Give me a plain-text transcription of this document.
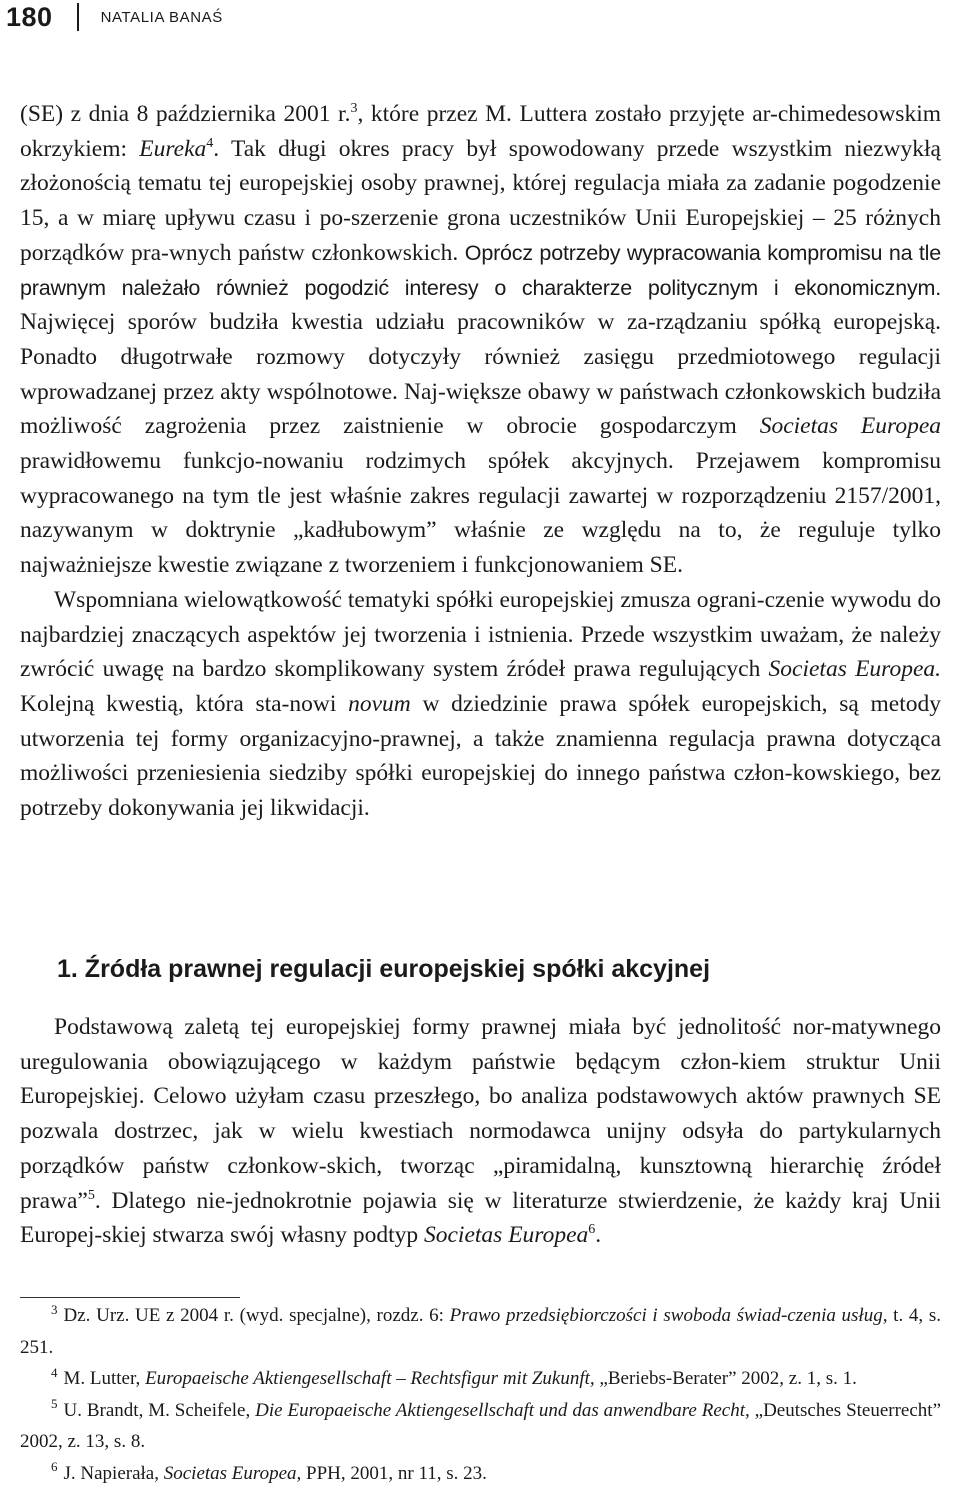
180	NATALIA BANAŚ

(SE) z dnia 8 października 2001 r.$^3$, które przez M. Luttera zostało przyjęte ar-chimedesowskim okrzykiem: Eureka$^4$. Tak długi okres pracy był spowodowany przede wszystkim niezwykłą złożonością tematu tej europejskiej osoby prawnej, której regulacja miała za zadanie pogodzenie 15, a w miarę upływu czasu i po-szerzenie grona uczestników Unii Europejskiej – 25 różnych porządków pra-wnych państw członkowskich. Oprócz potrzeby wypracowania kompromisu na tle prawnym należało również pogodzić interesy o charakterze politycznym i ekonomicznym. Najwięcej sporów budziła kwestia udziału pracowników w za-rządzaniu spółką europejską. Ponadto długotrwałe rozmowy dotyczyły również zasięgu przedmiotowego regulacji wprowadzanej przez akty wspólnotowe. Naj-większe obawy w państwach członkowskich budziła możliwość zagrożenia przez zaistnienie w obrocie gospodarczym Societas Europea prawidłowemu funkcjo-nowaniu rodzimych spółek akcyjnych. Przejawem kompromisu wypracowanego na tym tle jest właśnie zakres regulacji zawartej w rozporządzeniu 2157/2001, nazywanym w doktrynie „kadłubowym” właśnie ze względu na to, że reguluje tylko najważniejsze kwestie związane z tworzeniem i funkcjonowaniem SE.

Wspomniana wielowątkowość tematyki spółki europejskiej zmusza ograni-czenie wywodu do najbardziej znaczących aspektów jej tworzenia i istnienia. Przede wszystkim uważam, że należy zwrócić uwagę na bardzo skomplikowany system źródeł prawa regulujących Societas Europea. Kolejną kwestią, która sta-nowi novum w dziedzinie prawa spółek europejskich, są metody utworzenia tej formy organizacyjno-prawnej, a także znamienna regulacja prawna dotycząca możliwości przeniesienia siedziby spółki europejskiej do innego państwa człon-kowskiego, bez potrzeby dokonywania jej likwidacji.

1. Źródła prawnej regulacji europejskiej spółki akcyjnej

Podstawową zaletą tej europejskiej formy prawnej miała być jednolitość nor-matywnego uregulowania obowiązującego w każdym państwie będącym człon-kiem struktur Unii Europejskiej. Celowo użyłam czasu przeszłego, bo analiza podstawowych aktów prawnych SE pozwala dostrzec, jak w wielu kwestiach normodawca unijny odsyła do partykularnych porządków państw członkow-skich, tworząc „piramidalną, kunsztowną hierarchię źródeł prawa”$^5$. Dlatego nie-jednokrotnie pojawia się w literaturze stwierdzenie, że każdy kraj Unii Europej-skiej stwarza swój własny podtyp Societas Europea$^6$.

$^3$ Dz. Urz. UE z 2004 r. (wyd. specjalne), rozdz. 6: Prawo przedsiębiorczości i swoboda świad-czenia usług, t. 4, s. 251.

$^4$ M. Lutter, Europaeische Aktiengesellschaft – Rechtsfigur mit Zukunft, „Beriebs-Berater” 2002, z. 1, s. 1.

$^5$ U. Brandt, M. Scheifele, Die Europaeische Aktiengesellschaft und das anwendbare Recht, „Deutsches Steuerrecht” 2002, z. 13, s. 8.

$^6$ J. Napierała, Societas Europea, PPH, 2001, nr 11, s. 23.
